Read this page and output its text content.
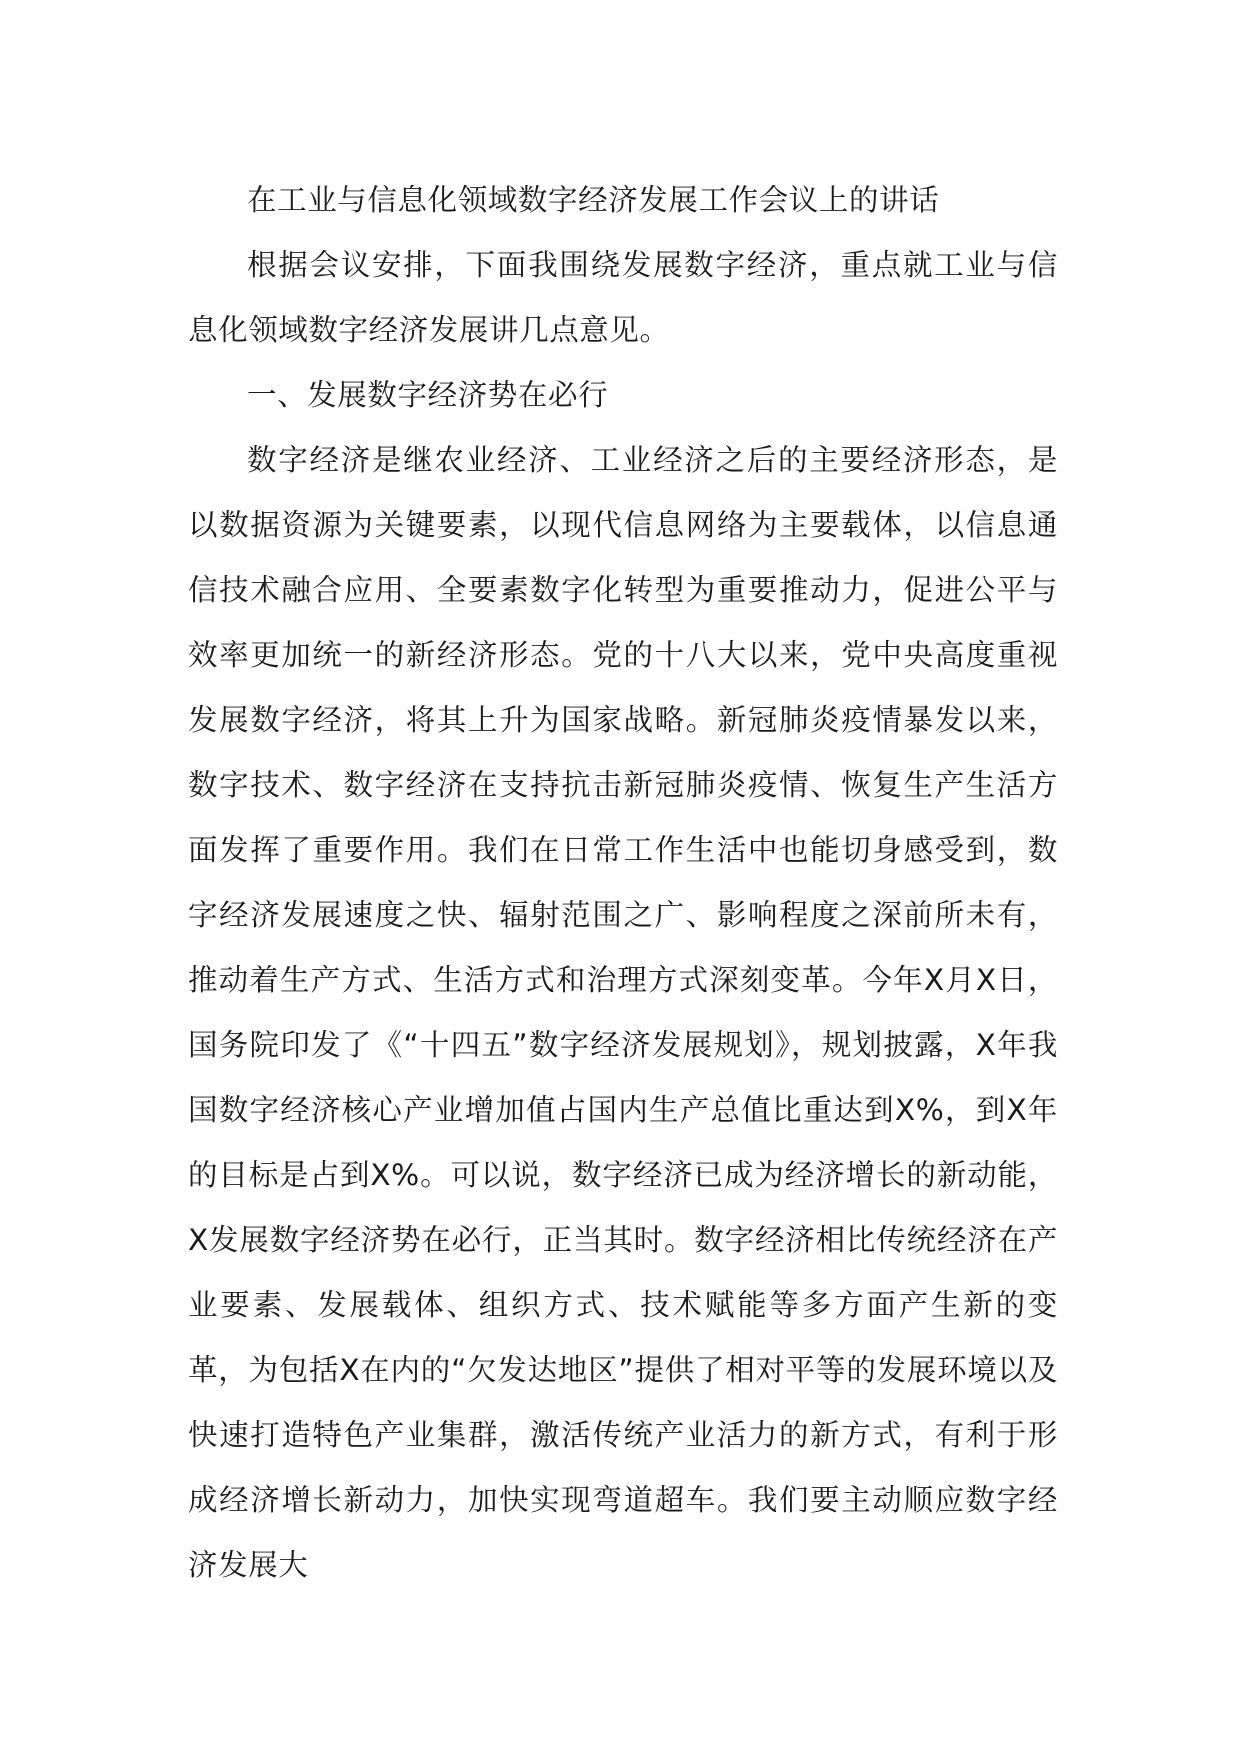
在工业与信息化领域数字经济发展工作会议上的讲话

根据会议安排，下面我围绕发展数字经济，重点就工业与信息化领域数字经济发展讲几点意见。

一、发展数字经济势在必行

数字经济是继农业经济、工业经济之后的主要经济形态，是以数据资源为关键要素，以现代信息网络为主要载体，以信息通信技术融合应用、全要素数字化转型为重要推动力，促进公平与效率更加统一的新经济形态。党的十八大以来，党中央高度重视发展数字经济，将其上升为国家战略。新冠肺炎疫情暴发以来，数字技术、数字经济在支持抗击新冠肺炎疫情、恢复生产生活方面发挥了重要作用。我们在日常工作生活中也能切身感受到，数字经济发展速度之快、辐射范围之广、影响程度之深前所未有，推动着生产方式、生活方式和治理方式深刻变革。今年X月X日，国务院印发了《“十四五”数字经济发展规划》，规划披露，X年我国数字经济核心产业增加值占国内生产总值比重达到X%，到X年的目标是占到X%。可以说，数字经济已成为经济增长的新动能，X发展数字经济势在必行，正当其时。数字经济相比传统经济在产业要素、发展载体、组织方式、技术赋能等多方面产生新的变革，为包括X在内的“欠发达地区”提供了相对平等的发展环境以及快速打造特色产业集群，激活传统产业活力的新方式，有利于形成经济增长新动力，加快实现弯道超车。我们要主动顺应数字经济发展大
